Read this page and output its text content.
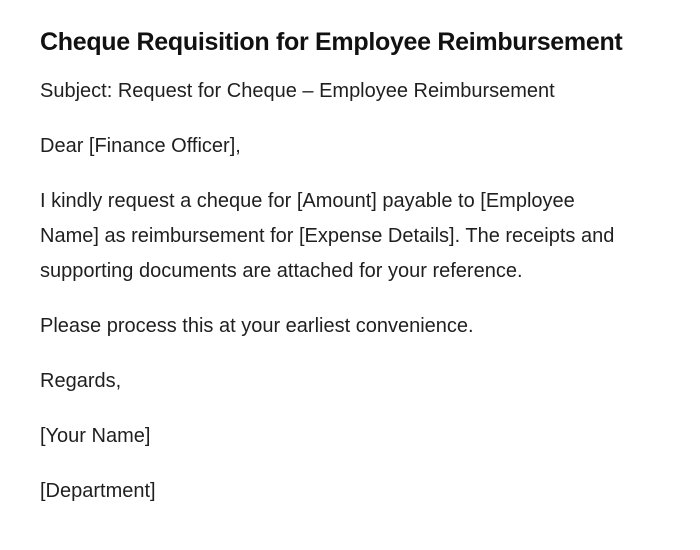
Cheque Requisition for Employee Reimbursement

Subject: Request for Cheque – Employee Reimbursement

Dear [Finance Officer],

I kindly request a cheque for [Amount] payable to [Employee Name] as reimbursement for [Expense Details]. The receipts and supporting documents are attached for your reference.

Please process this at your earliest convenience.

Regards,

[Your Name]

[Department]
